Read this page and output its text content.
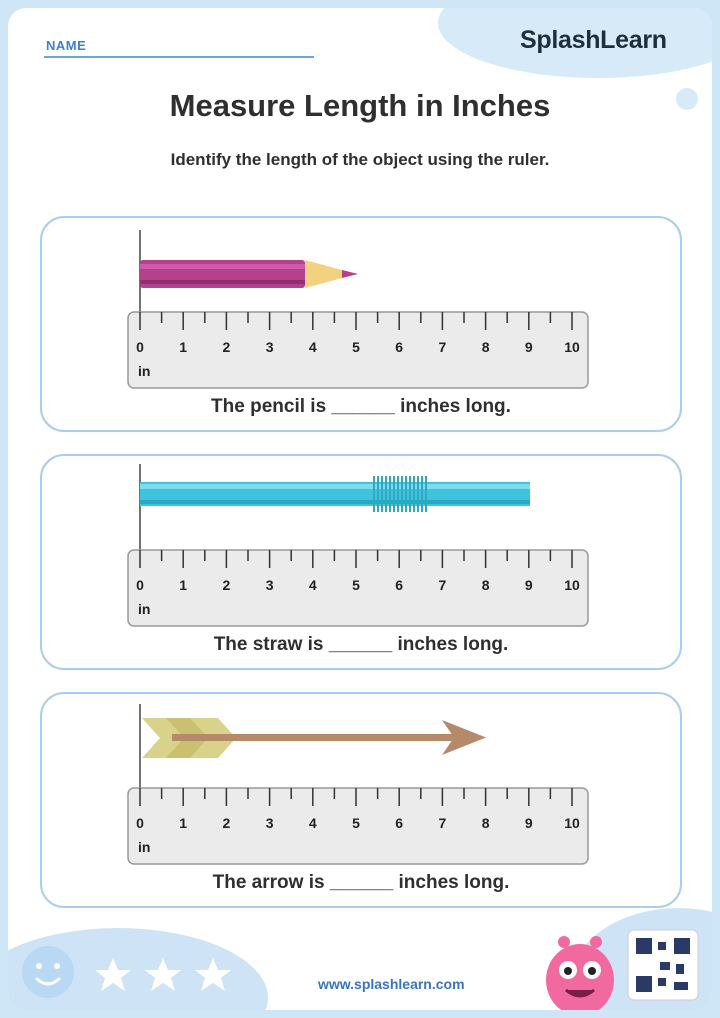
NAME	SplashLearn
Measure Length in Inches
Identify the length of the object using the ruler.
0	1	2	3	4	5	6	7	8	9 10
in
The pencil is ______ inches long.
0	1	2	3	4	5	6	7	8	9 10
in
The straw is ______ inches long.
0	1	2	3	4	5	6	7	8	9 10
in
The arrow is ______ inches long.
www.splashlearn.com
